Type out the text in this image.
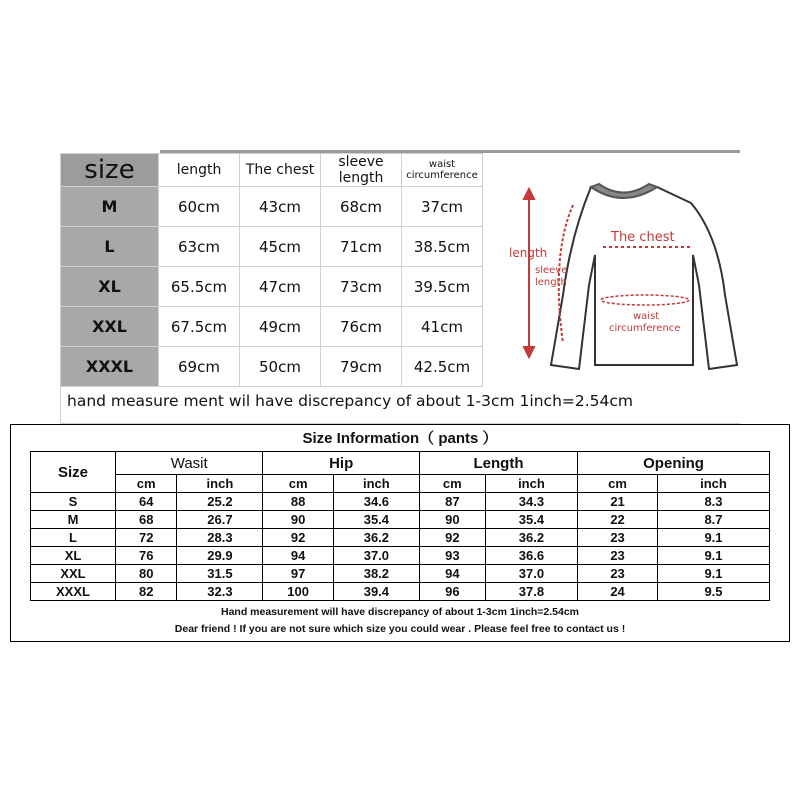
size	length	The chest	sleeve length	waist circumference
M	60cm	43cm	68cm	37cm
L	63cm	45cm	71cm	38.5cm
XL	65.5cm	47cm	73cm	39.5cm
XXL	67.5cm	49cm	76cm	41cm
XXXL	69cm	50cm	79cm	42.5cm
length
The chest
sleeve
length
waist
circumference
hand measure ment wil have discrepancy of about 1-3cm 1inch=2.54cm
Size Information（ pants ）
Size	Wasit		Hip		Length		Opening	
	cm	inch	cm	inch	cm	inch	cm	inch
S	64	25.2	88	34.6	87	34.3	21	8.3
M	68	26.7	90	35.4	90	35.4	22	8.7
L	72	28.3	92	36.2	92	36.2	23	9.1
XL	76	29.9	94	37.0	93	36.6	23	9.1
XXL	80	31.5	97	38.2	94	37.0	23	9.1
XXXL	82	32.3	100	39.4	96	37.8	24	9.5
Hand measurement will have discrepancy of about 1-3cm 1inch=2.54cm
Dear friend ! If you are not sure which size you could wear . Please feel free to contact us !
